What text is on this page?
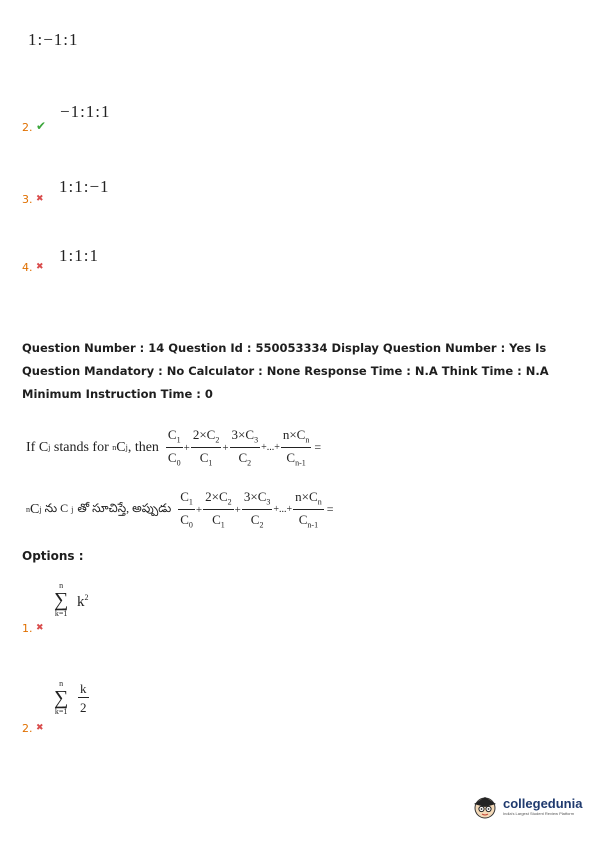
1:−1:1
2. ✔
−1:1:1
3. ✖
1:1:−1
4. ✖
1:1:1
Question Number : 14 Question Id : 550053334 Display Question Number : Yes Is Question Mandatory : No Calculator : None Response Time : N.A Think Time : N.A Minimum Instruction Time : 0
If C j stands for n C j , then $\frac{C_1}{C_0} + \frac{2\times C_2}{C_1} + \frac{3\times C_3}{C_2}$ +...+ $\frac{n\times C_n}{C_{n-1}}$ =
n C j ను C j తో సూచిస్తే, అప్పుడు $\frac{C_1}{C_0} + \frac{2\times C_2}{C_1} + \frac{3\times C_3}{C_2}$ +...+ $\frac{n\times C_n}{C_{n-1}}$ =
Options :
1. ✖
n
∑
k=1
$k^2$
2. ✖
n
∑
$k=1 \frac{k}{2}$
collegedunia
India's Largest Student Review Platform
